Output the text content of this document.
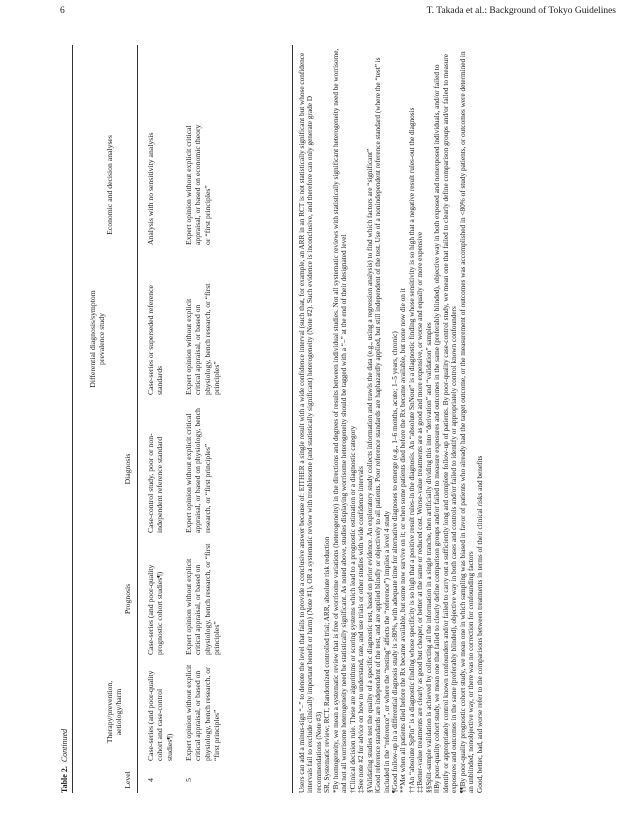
6	T. Takada et al.: Background of Tokyo Guidelines
Table 2.  Continued
Level
Therapy/prevention, aetiology/harm
Prognosis
Diagnosis
Differential diagnosis/symptom prevalence study
Economic and decision analyses
4
Case-series (and poor-quality cohort and case-control studies¶)
Case-series (and poor-quality prognostic cohort studies¶)
Case-control study, poor or non-independent reference standard
Case-series or superseded reference standards
Analysis with no sensitivity analysis
5
Expert opinion without explicit critical appraisal, or based on physiology, bench research, or “first principles”
Expert opinion without explicit critical appraisal, or based on physiology, bench research, or “first principles”
Expert opinion without explicit critical appraisal, or based on physiology, bench research, or “first principles”
Expert opinion without explicit critical appraisal, or based on physiology, bench research, or “first principles”
Expert opinion without explicit critical appraisal, or based on economic theory or “first principles”	Users can add a minus-sign “–” to denote the level that fails to provide a conclusive answer because of: EITHER a single result with a wide confidence interval (such that, for example, an ARR in an RCT is not statistically significant but whose confidence intervals fail to exclude clinically important benefit or harm) (Note #1), OR a systematic review with troublesome (and statistically significant) heterogeneity (Note #2). Such evidence is inconclusive, and therefore can only generate grade D recommendations (Note #3) SR, Systematic review; RCT, Randomized controlled trial; ARR, absolute risk reduction *By homogeneity, we mean a systematic review that is free of worrisome variations (heterogeneity) in the directions and degrees of results between individual studies. Not all systematic reviews with statistically significant heterogeneity need be worrisome, and not all worrisome heterogeneity need be statistically significant. As noted above, studies displaying worrisome heterogeneity should be tagged with a “–” at the end of their designated level †Clinical decision rule. These are algorithms or scoring systems which lead to a prognostic estimation or a diagnostic category ‡See note #2 for advice on how to understand, rate, and use trials or other studies with wide confidence intervals §Validating studies test the quality of a specific diagnostic test, based on prior evidence. An exploratory study collects information and trawls the data (e.g., using a regression analysis) to find which factors are “significant” ‖Good reference standards are independent of the test, and are applied blindly or objectively to all patients. Poor reference standards are haphazardly applied, but still independent of the test. Use of a nonindependent reference standard (where the “test” is included in the “reference”, or where the “testing” affects the “reference”) implies a level 4 study ¶Good follow-up in a differential diagnosis study is ≥80%, with adequate time for alternative diagnoses to emerge (e.g., 1–6 months, acute; 1–5 years, chronic) **Met when all patients died before the Rx became available, but some now survive on it; or when some patients died before the Rx became available, but none now die on it ††An “absolute SpPin” is a diagnostic finding whose specificity is so high that a positive result rules-in the diagnosis. An “absolute SnNout” is a diagnostic finding whose sensitivity is so high that a negative result rules-out the diagnosis ‡‡Better-value treatments are clearly as good but cheaper, or better at the same or reduced cost. Worse-value treatments are as good and more expensive, or worse and equally or more expensive §§Split-sample validation is achieved by collecting all the information in a single tranche, then artificially dividing this into “derivation” and “validation” samples ‖‖By poor-quality cohort study, we mean one that failed to clearly define comparison groups and/or failed to measure exposures and outcomes in the same (preferably blinded), objective way in both exposed and nonexposed individuals, and/or failed to identify or appropriately control known confounders and/or failed to carry out a sufficiently long and complete follow-up of patients. By poor-quality case-control study, we mean one that failed to clearly define comparison groups and/or failed to measure exposures and outcomes in the same (preferably blinded), objective way in both cases and controls and/or failed to identify or appropriately control known confounders ¶¶By poor-quality prognostic cohort study, we mean one in which sampling was biased in favor of patients who already had the target outcome, or the measurement of outcomes was accomplished in <80% of study patients, or outcomes were determined in an unblinded, nonobjective way, or there was no correction for confounding factors Good, better, bad, and worse refer to the comparisons between treatments in terms of their clinical risks and benefits
